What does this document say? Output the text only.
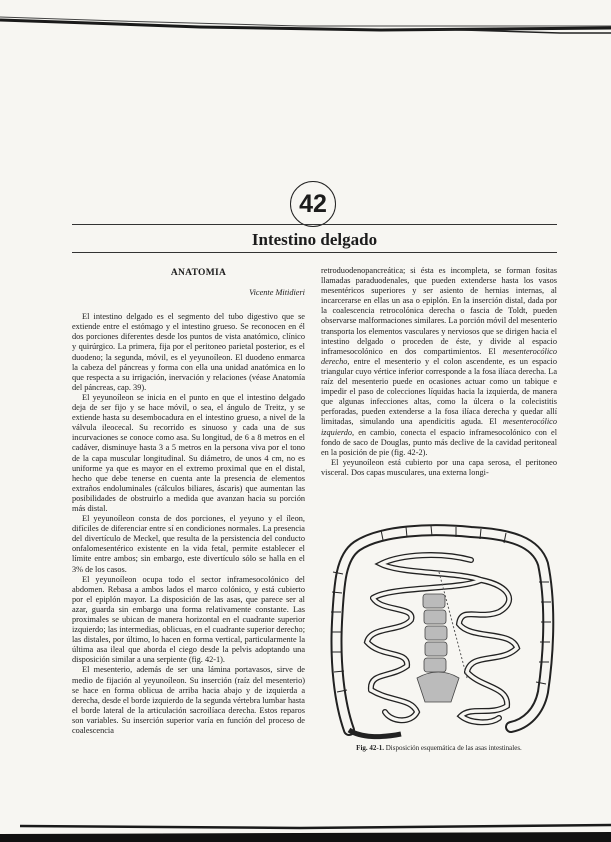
42
Intestino delgado
ANATOMIA
Vicente Mitidieri

El intestino delgado es el segmento del tubo digestivo que se extiende entre el estómago y el intestino grueso. Se reconocen en él dos porciones diferentes desde los puntos de vista anatómico, clínico y quirúrgico. La primera, fija por el peritoneo parietal posterior, es el duodeno; la segunda, móvil, es el yeyunoíleon. El duodeno enmarca la cabeza del páncreas y forma con ella una unidad anatómica en lo que respecta a su irrigación, inervación y relaciones (véase Anatomía del páncreas, cap. 39).

El yeyunoíleon se inicia en el punto en que el intestino delgado deja de ser fijo y se hace móvil, o sea, el ángulo de Treitz, y se extiende hasta su desembocadura en el intestino grueso, a nivel de la válvula ileocecal. Su recorrido es sinuoso y cada una de sus incurvaciones se conoce como asa. Su longitud, de 6 a 8 metros en el cadáver, disminuye hasta 3 a 5 metros en la persona viva por el tono de la capa muscular longitudinal. Su diámetro, de unos 4 cm, no es uniforme ya que es mayor en el extremo proximal que en el distal, hecho que debe tenerse en cuenta ante la presencia de elementos extraños endoluminales (cálculos biliares, áscaris) que aumentan las posibilidades de obstruirlo a medida que avanzan hacia su porción más distal.

El yeyunoíleon consta de dos porciones, el yeyuno y el íleon, difíciles de diferenciar entre sí en condiciones normales. La presencia del divertículo de Meckel, que resulta de la persistencia del conducto onfalomesentérico existente en la vida fetal, permite establecer el límite entre ambos; sin embargo, este divertículo sólo se halla en el 3% de los casos.

El yeyunoíleon ocupa todo el sector inframesocolónico del abdomen. Rebasa a ambos lados el marco colónico, y está cubierto por el epiplón mayor. La disposición de las asas, que parece ser al azar, guarda sin embargo una forma relativamente constante. Las proximales se ubican de manera horizontal en el cuadrante superior izquierdo; las intermedias, oblicuas, en el cuadrante superior derecho; las distales, por último, lo hacen en forma vertical, particularmente la última asa ileal que aborda el ciego desde la pelvis adoptando una disposición similar a una serpiente (fig. 42-1).

El mesenterio, además de ser una lámina portavasos, sirve de medio de fijación al yeyunoíleon. Su inserción (raíz del mesenterio) se hace en forma oblicua de arriba hacia abajo y de izquierda a derecha, desde el borde izquierdo de la segunda vértebra lumbar hasta el borde lateral de la articulación sacroilíaca derecha. Estos reparos son variables. Su inserción superior varía en función del proceso de coalescencia

retroduodenopancreática; si ésta es incompleta, se forman fositas llamadas paraduodenales, que pueden extenderse hasta los vasos mesentéricos superiores y ser asiento de hernias internas, al incarcerarse en ellas un asa o epiplón. En la inserción distal, dada por la coalescencia retrocolónica derecha o fascia de Toldt, pueden observarse malformaciones similares. La porción móvil del mesenterio transporta los elementos vasculares y nerviosos que se dirigen hacia el intestino delgado o proceden de éste, y divide al espacio inframesocolónico en dos compartimientos. El mesenterocólico derecho, entre el mesenterio y el colon ascendente, es un espacio triangular cuyo vértice inferior corresponde a la fosa ilíaca derecha. La raíz del mesenterio puede en ocasiones actuar como un tabique e impedir el paso de colecciones líquidas hacia la izquierda, de manera que algunas infecciones altas, como la úlcera o la colecistitis perforadas, pueden extenderse a la fosa ilíaca derecha y quedar allí limitadas, simulando una apendicitis aguda. El mesenterocólico izquierdo, en cambio, conecta el espacio inframesocolónico con el fondo de saco de Douglas, punto más declive de la cavidad peritoneal en la posición de pie (fig. 42-2).

El yeyunoíleon está cubierto por una capa serosa, el peritoneo visceral. Dos capas musculares, una externa longi-

Fig. 42-1. Disposición esquemática de las asas intestinales.
